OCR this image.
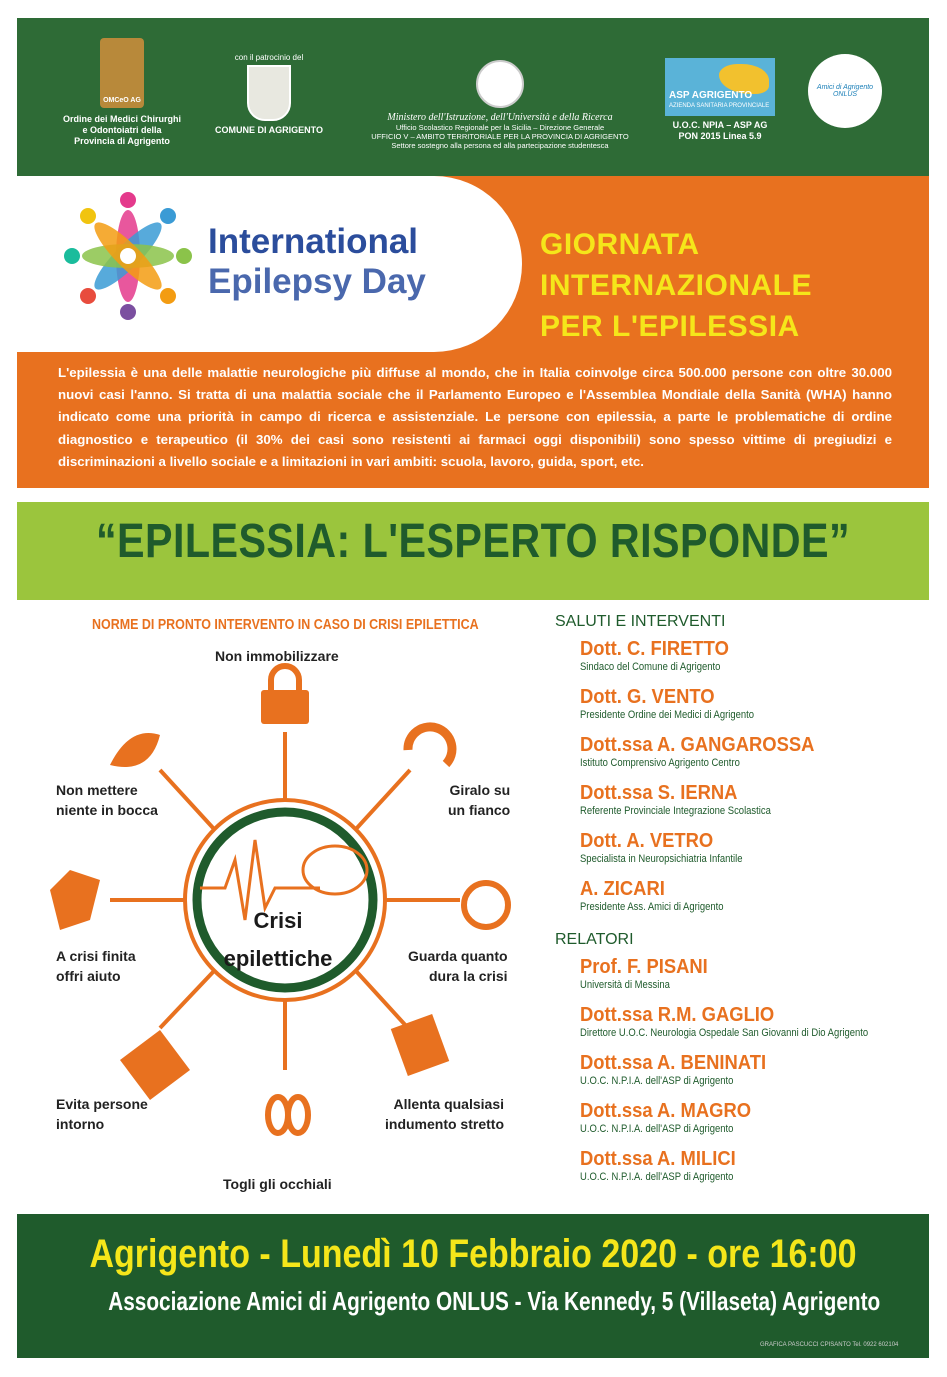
OMCeO AG
Ordine dei Medici Chirurghi e Odontoiatri della Provincia di Agrigento
con il patrocinio del
COMUNE DI AGRIGENTO
Ministero dell'Istruzione, dell'Università e della Ricerca
Ufficio Scolastico Regionale per la Sicilia – Direzione Generale
UFFICIO V – AMBITO TERRITORIALE PER LA PROVINCIA DI AGRIGENTO
Settore sostegno alla persona ed alla partecipazione studentesca
ASP AGRIGENTO
AZIENDA SANITARIA PROVINCIALE
U.O.C. NPIA – ASP AG
PON 2015 Linea 5.9
Amici di Agrigento ONLUS
International
Epilepsy Day
GIORNATA
INTERNAZIONALE
PER L'EPILESSIA
L'epilessia è una delle malattie neurologiche più diffuse al mondo, che in Italia coinvolge circa 500.000 persone con oltre 30.000 nuovi casi l'anno. Si tratta di una malattia sociale che il Parlamento Europeo e l'Assemblea Mondiale della Sanità (WHA) hanno indicato come una priorità in campo di ricerca e assistenziale. Le persone con epilessia, a parte le problematiche di ordine diagnostico e terapeutico (il 30% dei casi sono resistenti ai farmaci oggi disponibili) sono spesso vittime di pregiudizi e discriminazioni a livello sociale e a limitazioni in vari ambiti: scuola, lavoro, guida, sport, etc.
“EPILESSIA: L'ESPERTO RISPONDE”
NORME DI PRONTO INTERVENTO IN CASO DI CRISI EPILETTICA
Crisi
epilettiche
Non immobilizzare
Giralo su
un fianco
Guarda quanto
dura la crisi
Allenta qualsiasi
indumento stretto
Togli gli occhiali
Evita persone
intorno
A crisi finita
offri aiuto
Non mettere
niente in bocca
SALUTI E INTERVENTI
Dott. C. FIRETTO
Sindaco del Comune di Agrigento
Dott. G. VENTO
Presidente Ordine dei Medici di Agrigento
Dott.ssa A. GANGAROSSA
Istituto Comprensivo Agrigento Centro
Dott.ssa S. IERNA
Referente Provinciale Integrazione Scolastica
Dott. A. VETRO
Specialista in Neuropsichiatria Infantile
A. ZICARI
Presidente Ass. Amici di Agrigento
RELATORI
Prof. F. PISANI
Università di Messina
Dott.ssa R.M. GAGLIO
Direttore U.O.C. Neurologia Ospedale San Giovanni di Dio Agrigento
Dott.ssa A. BENINATI
U.O.C. N.P.I.A. dell'ASP di Agrigento
Dott.ssa A. MAGRO
U.O.C. N.P.I.A. dell'ASP di Agrigento
Dott.ssa A. MILICI
U.O.C. N.P.I.A. dell'ASP di Agrigento
Agrigento - Lunedì 10 Febbraio 2020 - ore 16:00
Associazione Amici di Agrigento ONLUS - Via Kennedy, 5 (Villaseta) Agrigento
GRAFICA PASCUCCI CPISANTO Tel. 0922 602104
